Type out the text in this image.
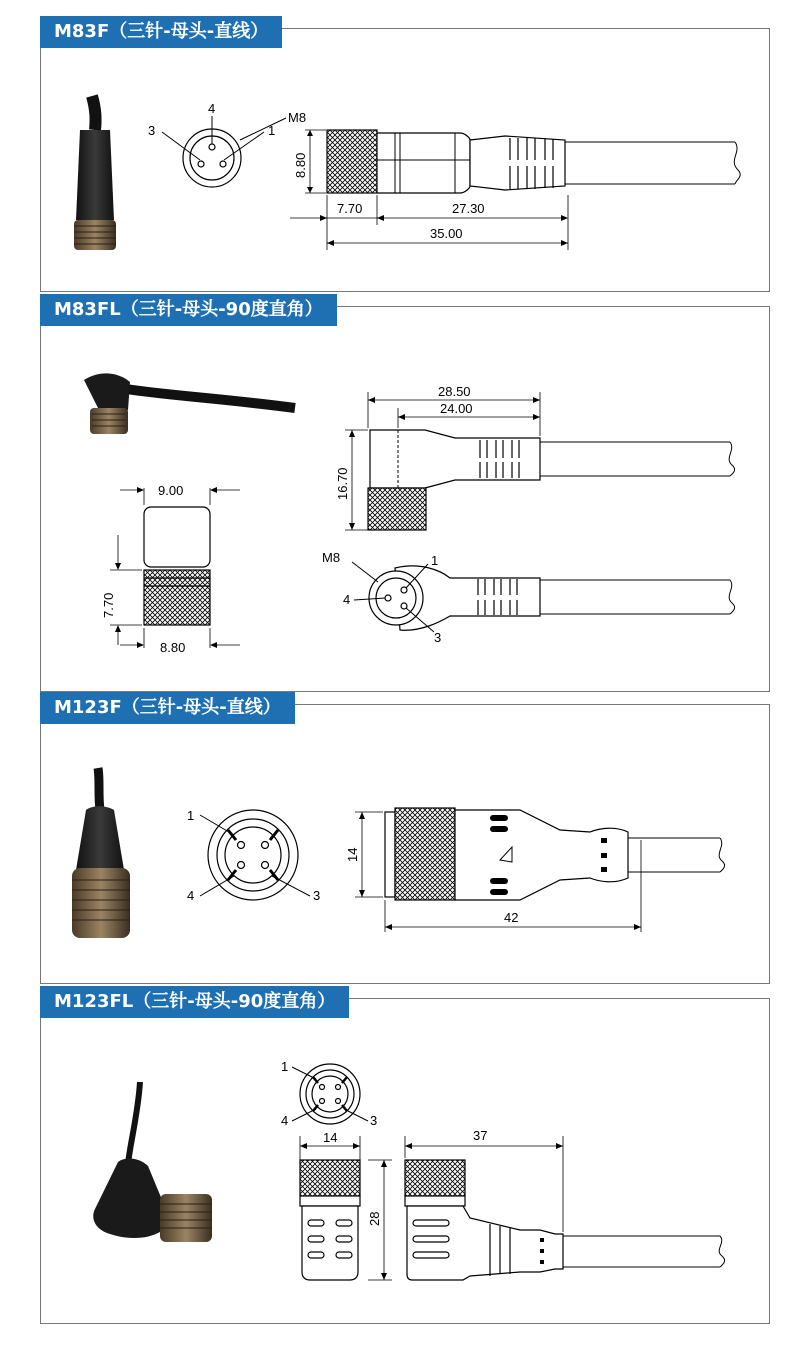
M83F（三针-母头-直线）
M83FL（三针-母头-90度直角）
M123F（三针-母头-直线）
M123FL（三针-母头-90度直角）
4
3	1
M8
8.80
7.70	27.30
35.00
9.00
7.70
8.80
28.50
24.00
16.70
M8	1
4
3
1
4	3
14
42
1
4	3
14
28
37
